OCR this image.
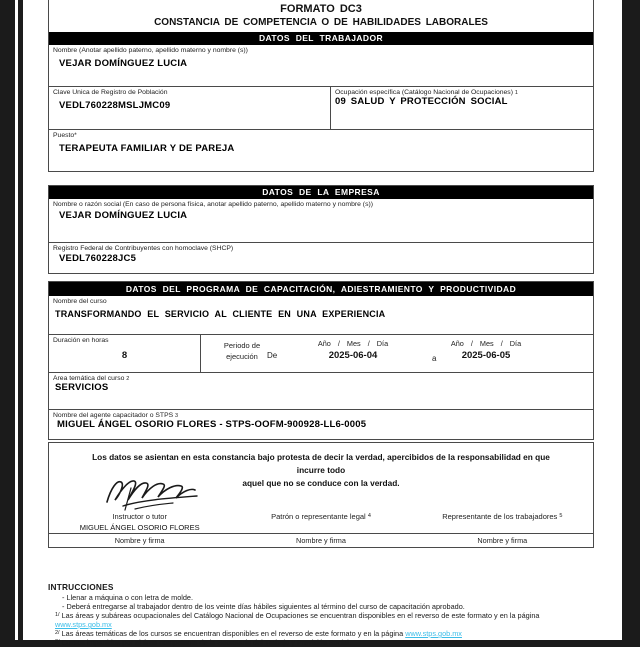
FORMATO DC3
CONSTANCIA DE COMPETENCIA O DE HABILIDADES LABORALES
DATOS DEL TRABAJADOR
Nombre (Anotar apellido paterno, apellido materno y nombre (s))
VEJAR DOMÍNGUEZ LUCIA
Clave Única de Registro de Población
VEDL760228MSLJMC09
Ocupación específica (Catálogo Nacional de Ocupaciones) $^1$
09 SALUD Y PROTECCIÓN SOCIAL
Puesto*
TERAPEUTA FAMILIAR Y DE PAREJA
DATOS DE LA EMPRESA
Nombre o razón social (En caso de persona física, anotar apellido paterno, apellido materno y nombre (s))
VEJAR DOMÍNGUEZ LUCIA
Registro Federal de Contribuyentes con homoclave (SHCP)
VEDL760228JC5
DATOS DEL PROGRAMA DE CAPACITACIÓN, ADIESTRAMIENTO Y PRODUCTIVIDAD
Nombre del curso
TRANSFORMANDO EL SERVICIO AL CLIENTE EN UNA EXPERIENCIA
Duración en horas
8
Periodo de
ejecución	De
Año / Mes / Día
2025-06-04	a
Año / Mes / Día
2025-06-05
Área temática del curso $^2$
SERVICIOS
Nombre del agente capacitador o STPS $^3$
MIGUEL ÁNGEL OSORIO FLORES - STPS-OOFM-900928-LL6-0005
Los datos se asientan en esta constancia bajo protesta de decir la verdad, apercibidos de la responsabilidad en que incurre todo
aquel que no se conduce con la verdad.
Instructor o tutor
MIGUEL ÁNGEL OSORIO FLORES
Patrón o representante legal $^4$	Representante de los trabajadores $^5$
Nombre y firma	Nombre y firma	Nombre y firma
INTRUCCIONES
- Llenar a máquina o con letra de molde.
- Deberá entregarse al trabajador dentro de los veinte días hábiles siguientes al término del curso de capacitación aprobado.
$^{1/}$ Las áreas y subáreas ocupacionales del Catálogo Nacional de Ocupaciones se encuentran disponibles en el reverso de este formato y en la página www.stps.gob.mx
$^{2/}$ Las áreas temáticas de los cursos se encuentran disponibles en el reverso de este formato y en la página www.stps.gob.mx
$^{3/}$ Cursos impartidos por el área competente de la Secretaría del Trabajo y Previsión Social.
